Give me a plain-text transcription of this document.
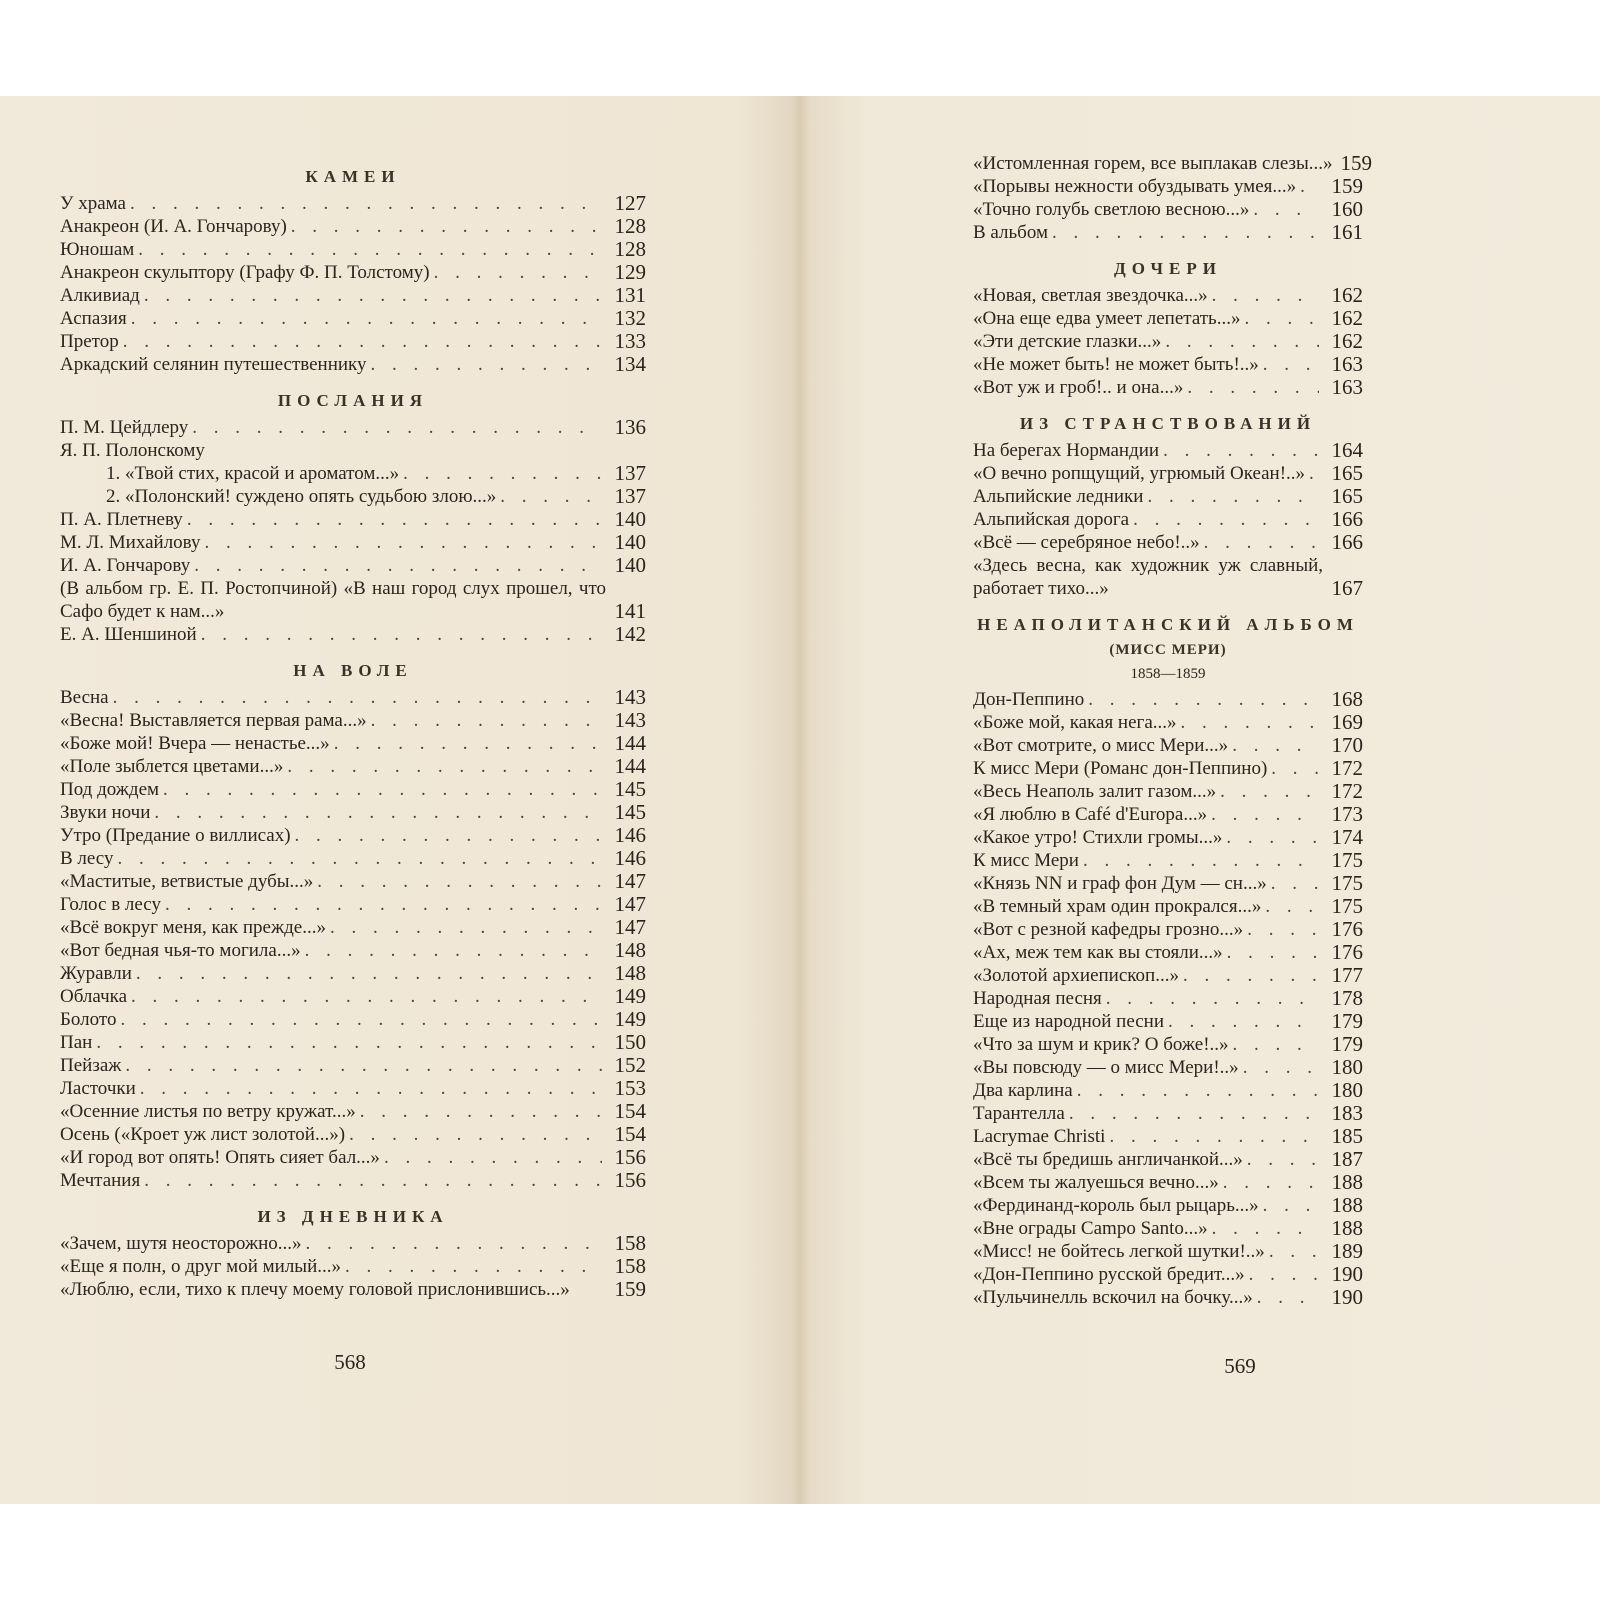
КАМЕИ
У храма . . .	127
Анакреон (И. А. Гончарову) . . .	128
Юношам . . .	128
Анакреон скульптору (Графу Ф. П. Толстому) . . .	129
Алкивиад . . .	131
Аспазия . . .	132
Претор . . .	133
Аркадский селянин путешественнику . . .	134
ПОСЛАНИЯ
П. М. Цейдлеру . . .	136
Я. П. Полонскому
1. «Твой стих, красой и ароматом...» . . .	137
2. «Полонский! суждено опять судьбою злою...» . . .	137
П. А. Плетневу . . .	140
М. Л. Михайлову . . .	140
И. А. Гончарову . . .	140
(В альбом гр. Е. П. Ростопчиной) «В наш город слух прошел, что Сафо будет к нам...»	141
Е. А. Шеншиной . . .	142
НА ВОЛЕ
Весна . . .	143
«Весна! Выставляется первая рама...» . . .	143
«Боже мой! Вчера — ненастье...» . . .	144
«Поле зыблется цветами...» . . .	144
Под дождем . . .	145
Звуки ночи . . .	145
Утро (Предание о виллисах) . . .	146
В лесу . . .	146
«Маститые, ветвистые дубы...» . . .	147
Голос в лесу . . .	147
«Всё вокруг меня, как прежде...» . . .	147
«Вот бедная чья-то могила...» . . .	148
Журавли . . .	148
Облачка . . .	149
Болото . . .	149
Пан . . .	150
Пейзаж . . .	152
Ласточки . . .	153
«Осенние листья по ветру кружат...» . . .	154
Осень («Кроет уж лист золотой...») . . .	154
«И город вот опять! Опять сияет бал...» . . .	156
Мечтания . . .	156
ИЗ ДНЕВНИКА
«Зачем, шутя неосторожно...» . . .	158
«Еще я полн, о друг мой милый...» . . .	158
«Люблю, если, тихо к плечу моему головой прислонившись...»	159
568
«Истомленная горем, все выплакав слезы...» 159
«Порывы нежности обуздывать умея...» . . .	159
«Точно голубь светлою весною...» . . .	160
В альбом . . .	161
ДОЧЕРИ
«Новая, светлая звездочка...» . . .	162
«Она еще едва умеет лепетать...» . . .	162
«Эти детские глазки...» . . .	162
«Не может быть! не может быть!..» . . .	163
«Вот уж и гроб!.. и она...» . . .	163
ИЗ СТРАНСТВОВАНИЙ
На берегах Нормандии . . .	164
«О вечно ропщущий, угрюмый Океан!..» . . .	165
Альпийские ледники . . .	165
Альпийская дорога . . .	166
«Всё — серебряное небо!..» . . .	166
«Здесь весна, как художник уж славный, работает тихо...»	167
НЕАПОЛИТАНСКИЙ АЛЬБОМ
(МИСС МЕРИ)
1858—1859
Дон-Пеппино . . .	168
«Боже мой, какая нега...» . . .	169
«Вот смотрите, о мисс Мери...» . . .	170
К мисс Мери (Романс дон-Пеппино) . . .	172
«Весь Неаполь залит газом...» . . .	172
«Я люблю в Café d'Europa...» . . .	173
«Какое утро! Стихли громы...» . . .	174
К мисс Мери . . .	175
«Князь NN и граф фон Дум — сн...» . . .	175
«В темный храм один прокрался...» . . .	175
«Вот с резной кафедры грозно...» . . .	176
«Ах, меж тем как вы стояли...» . . .	176
«Золотой архиепископ...» . . .	177
Народная песня . . .	178
Еще из народной песни . . .	179
«Что за шум и крик? О боже!..» . . .	179
«Вы повсюду — о мисс Мери!..» . . .	180
Два карлина . . .	180
Тарантелла . . .	183
Lacrymae Christi . . .	185
«Всё ты бредишь англичанкой...» . . .	187
«Всем ты жалуешься вечно...» . . .	188
«Фердинанд-король был рыцарь...» . . .	188
«Вне ограды Campo Santo...» . . .	188
«Мисс! не бойтесь легкой шутки!..» . . .	189
«Дон-Пеппино русской бредит...» . . .	190
«Пульчинелль вскочил на бочку...» . . .	190
569
